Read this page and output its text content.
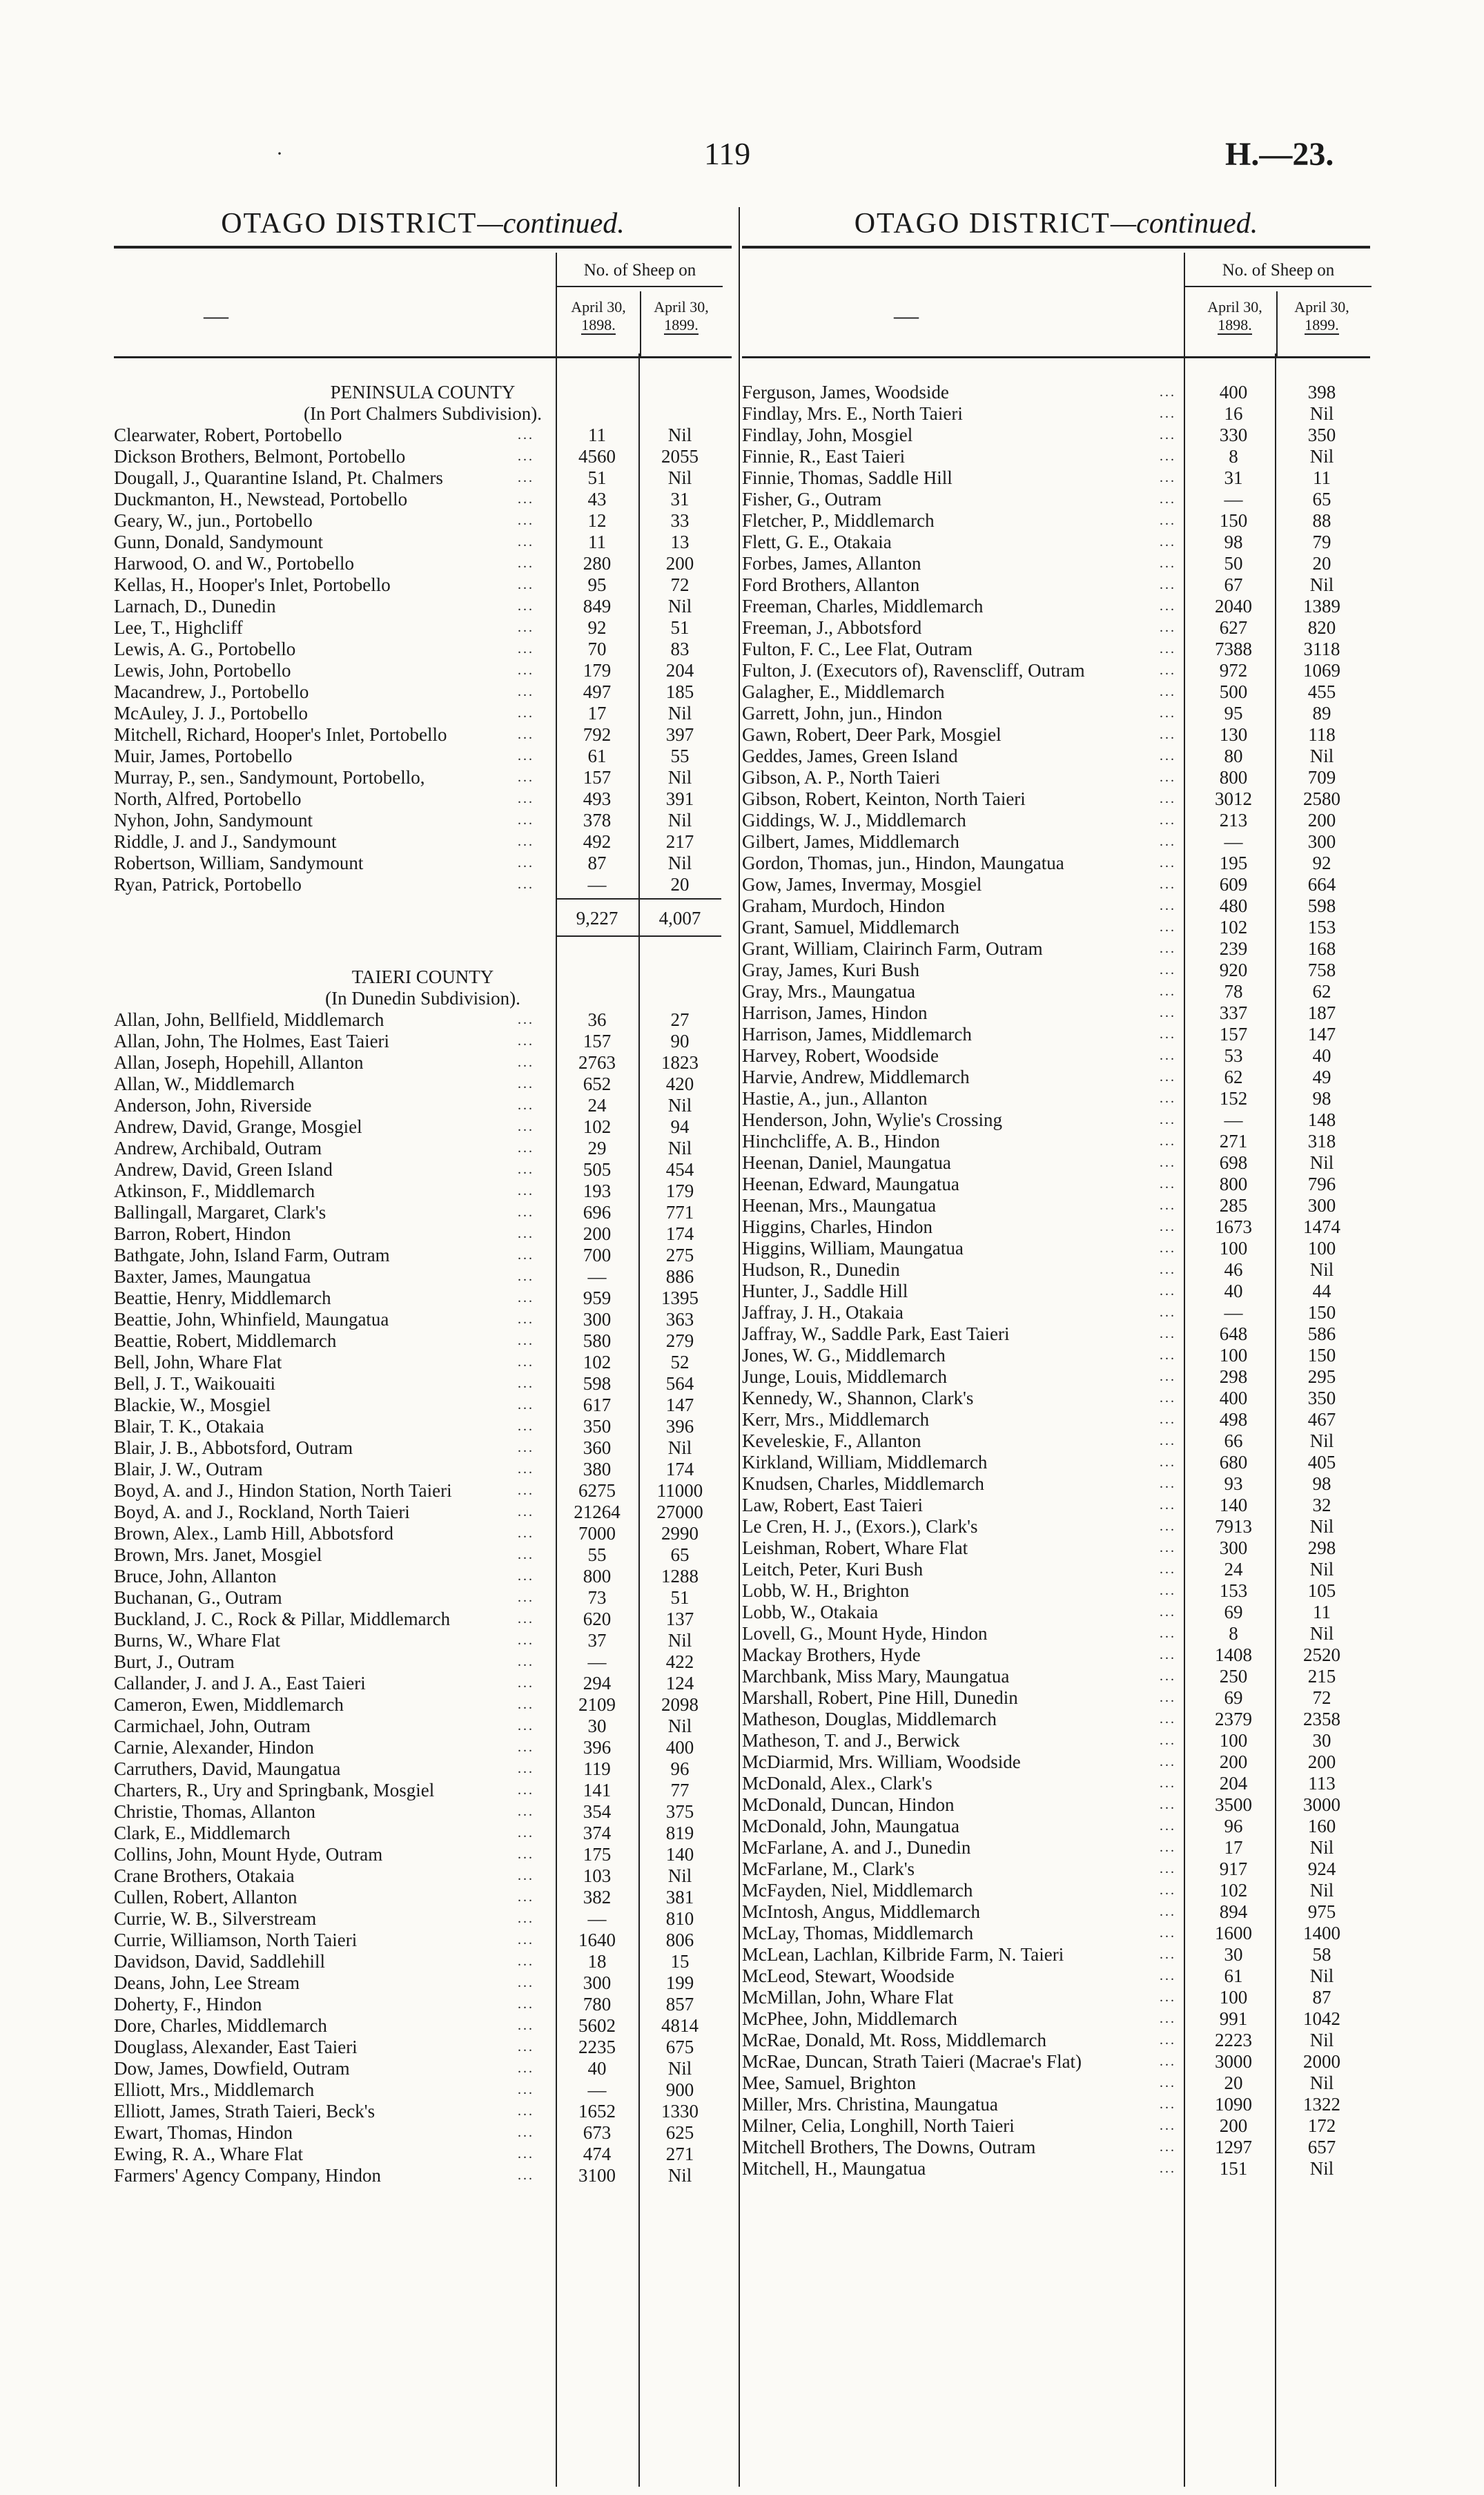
·	119	H.—23.
OTAGO DISTRICT—continued.
—
No. of Sheep on
April 30,
1898.
April 30,
1899.
PENINSULA COUNTY
(In Port Chalmers Subdivision).
Clearwater, Robert, Portobello	...	11	Nil
Dickson Brothers, Belmont, Portobello	...	4560	2055
Dougall, J., Quarantine Island, Pt. Chalmers	...	51	Nil
Duckmanton, H., Newstead, Portobello	...	43	31
Geary, W., jun., Portobello	...	12	33
Gunn, Donald, Sandymount	...	11	13
Harwood, O. and W., Portobello	...	280	200
Kellas, H., Hooper's Inlet, Portobello	...	95	72
Larnach, D., Dunedin	...	849	Nil
Lee, T., Highcliff	...	92	51
Lewis, A. G., Portobello	...	70	83
Lewis, John, Portobello	...	179	204
Macandrew, J., Portobello	...	497	185
McAuley, J. J., Portobello	...	17	Nil
Mitchell, Richard, Hooper's Inlet, Portobello	...	792	397
Muir, James, Portobello	...	61	55
Murray, P., sen., Sandymount, Portobello,	...	157	Nil
North, Alfred, Portobello	...	493	391
Nyhon, John, Sandymount	...	378	Nil
Riddle, J. and J., Sandymount	...	492	217
Robertson, William, Sandymount	...	87	Nil
Ryan, Patrick, Portobello	...	—	20
9,227	4,007
TAIERI COUNTY
(In Dunedin Subdivision).
Allan, John, Bellfield, Middlemarch	...	36	27
Allan, John, The Holmes, East Taieri	...	157	90
Allan, Joseph, Hopehill, Allanton	...	2763	1823
Allan, W., Middlemarch	...	652	420
Anderson, John, Riverside	...	24	Nil
Andrew, David, Grange, Mosgiel	...	102	94
Andrew, Archibald, Outram	...	29	Nil
Andrew, David, Green Island	...	505	454
Atkinson, F., Middlemarch	...	193	179
Ballingall, Margaret, Clark's	...	696	771
Barron, Robert, Hindon	...	200	174
Bathgate, John, Island Farm, Outram	...	700	275
Baxter, James, Maungatua	...	—	886
Beattie, Henry, Middlemarch	...	959	1395
Beattie, John, Whinfield, Maungatua	...	300	363
Beattie, Robert, Middlemarch	...	580	279
Bell, John, Whare Flat	...	102	52
Bell, J. T., Waikouaiti	...	598	564
Blackie, W., Mosgiel	...	617	147
Blair, T. K., Otakaia	...	350	396
Blair, J. B., Abbotsford, Outram	...	360	Nil
Blair, J. W., Outram	...	380	174
Boyd, A. and J., Hindon Station, North Taieri	...	6275	11000
Boyd, A. and J., Rockland, North Taieri	...	21264	27000
Brown, Alex., Lamb Hill, Abbotsford	...	7000	2990
Brown, Mrs. Janet, Mosgiel	...	55	65
Bruce, John, Allanton	...	800	1288
Buchanan, G., Outram	...	73	51
Buckland, J. C., Rock & Pillar, Middlemarch	...	620	137
Burns, W., Whare Flat	...	37	Nil
Burt, J., Outram	...	—	422
Callander, J. and J. A., East Taieri	...	294	124
Cameron, Ewen, Middlemarch	...	2109	2098
Carmichael, John, Outram	...	30	Nil
Carnie, Alexander, Hindon	...	396	400
Carruthers, David, Maungatua	...	119	96
Charters, R., Ury and Springbank, Mosgiel	...	141	77
Christie, Thomas, Allanton	...	354	375
Clark, E., Middlemarch	...	374	819
Collins, John, Mount Hyde, Outram	...	175	140
Crane Brothers, Otakaia	...	103	Nil
Cullen, Robert, Allanton	...	382	381
Currie, W. B., Silverstream	...	—	810
Currie, Williamson, North Taieri	...	1640	806
Davidson, David, Saddlehill	...	18	15
Deans, John, Lee Stream	...	300	199
Doherty, F., Hindon	...	780	857
Dore, Charles, Middlemarch	...	5602	4814
Douglass, Alexander, East Taieri	...	2235	675
Dow, James, Dowfield, Outram	...	40	Nil
Elliott, Mrs., Middlemarch	...	—	900
Elliott, James, Strath Taieri, Beck's	...	1652	1330
Ewart, Thomas, Hindon	...	673	625
Ewing, R. A., Whare Flat	...	474	271
Farmers' Agency Company, Hindon	...	3100	Nil
OTAGO DISTRICT—continued.
—
No. of Sheep on
April 30,
1898.
April 30,
1899.
Ferguson, James, Woodside	...	400	398
Findlay, Mrs. E., North Taieri	...	16	Nil
Findlay, John, Mosgiel	...	330	350
Finnie, R., East Taieri	...	8	Nil
Finnie, Thomas, Saddle Hill	...	31	11
Fisher, G., Outram	...	—	65
Fletcher, P., Middlemarch	...	150	88
Flett, G. E., Otakaia	...	98	79
Forbes, James, Allanton	...	50	20
Ford Brothers, Allanton	...	67	Nil
Freeman, Charles, Middlemarch	...	2040	1389
Freeman, J., Abbotsford	...	627	820
Fulton, F. C., Lee Flat, Outram	...	7388	3118
Fulton, J. (Executors of), Ravenscliff, Outram	...	972	1069
Galagher, E., Middlemarch	...	500	455
Garrett, John, jun., Hindon	...	95	89
Gawn, Robert, Deer Park, Mosgiel	...	130	118
Geddes, James, Green Island	...	80	Nil
Gibson, A. P., North Taieri	...	800	709
Gibson, Robert, Keinton, North Taieri	...	3012	2580
Giddings, W. J., Middlemarch	...	213	200
Gilbert, James, Middlemarch	...	—	300
Gordon, Thomas, jun., Hindon, Maungatua	...	195	92
Gow, James, Invermay, Mosgiel	...	609	664
Graham, Murdoch, Hindon	...	480	598
Grant, Samuel, Middlemarch	...	102	153
Grant, William, Clairinch Farm, Outram	...	239	168
Gray, James, Kuri Bush	...	920	758
Gray, Mrs., Maungatua	...	78	62
Harrison, James, Hindon	...	337	187
Harrison, James, Middlemarch	...	157	147
Harvey, Robert, Woodside	...	53	40
Harvie, Andrew, Middlemarch	...	62	49
Hastie, A., jun., Allanton	...	152	98
Henderson, John, Wylie's Crossing	...	—	148
Hinchcliffe, A. B., Hindon	...	271	318
Heenan, Daniel, Maungatua	...	698	Nil
Heenan, Edward, Maungatua	...	800	796
Heenan, Mrs., Maungatua	...	285	300
Higgins, Charles, Hindon	...	1673	1474
Higgins, William, Maungatua	...	100	100
Hudson, R., Dunedin	...	46	Nil
Hunter, J., Saddle Hill	...	40	44
Jaffray, J. H., Otakaia	...	—	150
Jaffray, W., Saddle Park, East Taieri	...	648	586
Jones, W. G., Middlemarch	...	100	150
Junge, Louis, Middlemarch	...	298	295
Kennedy, W., Shannon, Clark's	...	400	350
Kerr, Mrs., Middlemarch	...	498	467
Keveleskie, F., Allanton	...	66	Nil
Kirkland, William, Middlemarch	...	680	405
Knudsen, Charles, Middlemarch	...	93	98
Law, Robert, East Taieri	...	140	32
Le Cren, H. J., (Exors.), Clark's	...	7913	Nil
Leishman, Robert, Whare Flat	...	300	298
Leitch, Peter, Kuri Bush	...	24	Nil
Lobb, W. H., Brighton	...	153	105
Lobb, W., Otakaia	...	69	11
Lovell, G., Mount Hyde, Hindon	...	8	Nil
Mackay Brothers, Hyde	...	1408	2520
Marchbank, Miss Mary, Maungatua	...	250	215
Marshall, Robert, Pine Hill, Dunedin	...	69	72
Matheson, Douglas, Middlemarch	...	2379	2358
Matheson, T. and J., Berwick	...	100	30
McDiarmid, Mrs. William, Woodside	...	200	200
McDonald, Alex., Clark's	...	204	113
McDonald, Duncan, Hindon	...	3500	3000
McDonald, John, Maungatua	...	96	160
McFarlane, A. and J., Dunedin	...	17	Nil
McFarlane, M., Clark's	...	917	924
McFayden, Niel, Middlemarch	...	102	Nil
McIntosh, Angus, Middlemarch	...	894	975
McLay, Thomas, Middlemarch	...	1600	1400
McLean, Lachlan, Kilbride Farm, N. Taieri	...	30	58
McLeod, Stewart, Woodside	...	61	Nil
McMillan, John, Whare Flat	...	100	87
McPhee, John, Middlemarch	...	991	1042
McRae, Donald, Mt. Ross, Middlemarch	...	2223	Nil
McRae, Duncan, Strath Taieri (Macrae's Flat)	...	3000	2000
Mee, Samuel, Brighton	...	20	Nil
Miller, Mrs. Christina, Maungatua	...	1090	1322
Milner, Celia, Longhill, North Taieri	...	200	172
Mitchell Brothers, The Downs, Outram	...	1297	657
Mitchell, H., Maungatua	...	151	Nil
